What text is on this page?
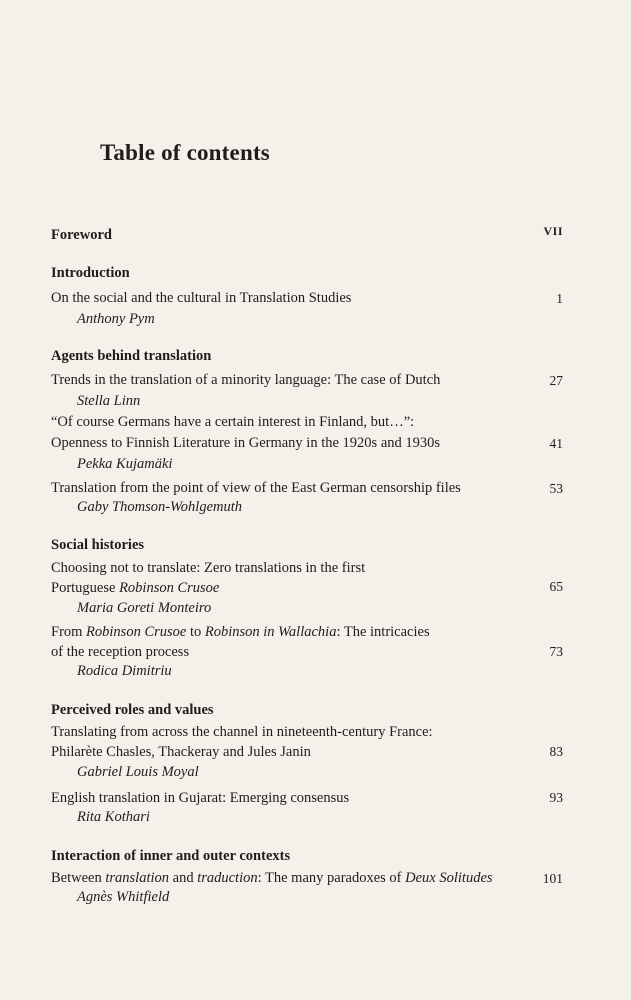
Table of contents
Foreword	VII
Introduction
On the social and the cultural in Translation Studies	1
Anthony Pym
Agents behind translation
Trends in the translation of a minority language: The case of Dutch	27
Stella Linn
“Of course Germans have a certain interest in Finland, but…”:
Openness to Finnish Literature in Germany in the 1920s and 1930s	41
Pekka Kujamäki
Translation from the point of view of the East German censorship files	53
Gaby Thomson-Wohlgemuth
Social histories
Choosing not to translate: Zero translations in the first
Portuguese Robinson Crusoe	65
Maria Goreti Monteiro
From Robinson Crusoe to Robinson in Wallachia: The intricacies
of the reception process	73
Rodica Dimitriu
Perceived roles and values
Translating from across the channel in nineteenth-century France:
Philarète Chasles, Thackeray and Jules Janin	83
Gabriel Louis Moyal
English translation in Gujarat: Emerging consensus	93
Rita Kothari
Interaction of inner and outer contexts
Between translation and traduction: The many paradoxes of Deux Solitudes	101
Agnès Whitfield
